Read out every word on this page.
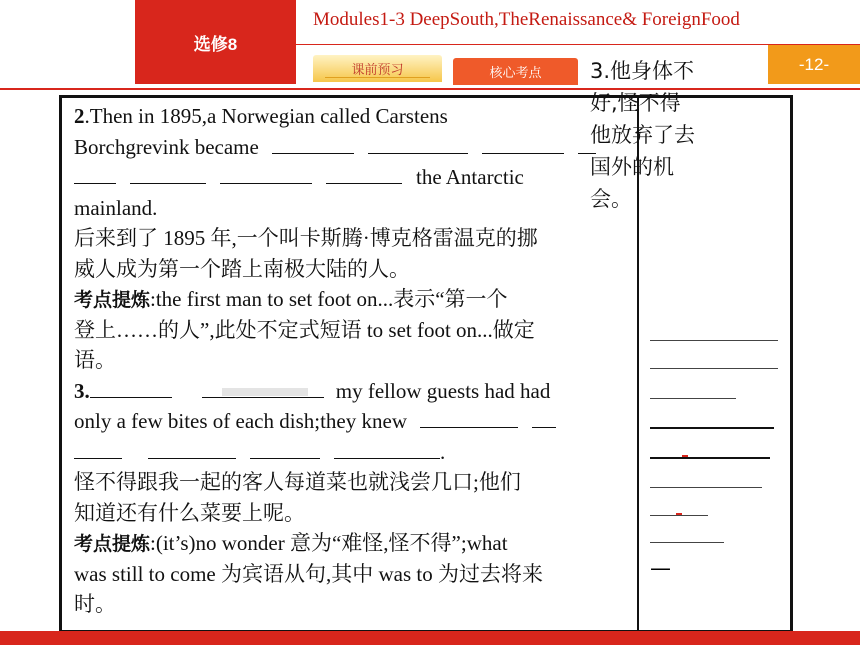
选修8
Modules1-3 DeepSouth,TheRenaissance& ForeignFood
-12-
课前预习	核心考点
2.Then in 1895,a Norwegian called Carstens
Borchgrevink became
the Antarctic
mainland.
后来到了 1895 年,一个叫卡斯腾·博克格雷温克的挪
威人成为第一个踏上南极大陆的人。
考点提炼:the first man to set foot on...表示“第一个
登上……的人”,此处不定式短语 to set foot on...做定
语。
3.	my fellow guests had had
only a few bites of each dish;they knew
.
怪不得跟我一起的客人每道菜也就浅尝几口;他们
知道还有什么菜要上呢。
考点提炼:(it’s)no wonder 意为“难怪,怪不得”;what
was still to come 为宾语从句,其中 was to 为过去将来
时。
3.他身体不
好,怪不得
他放弃了去
国外的机
会。
—
